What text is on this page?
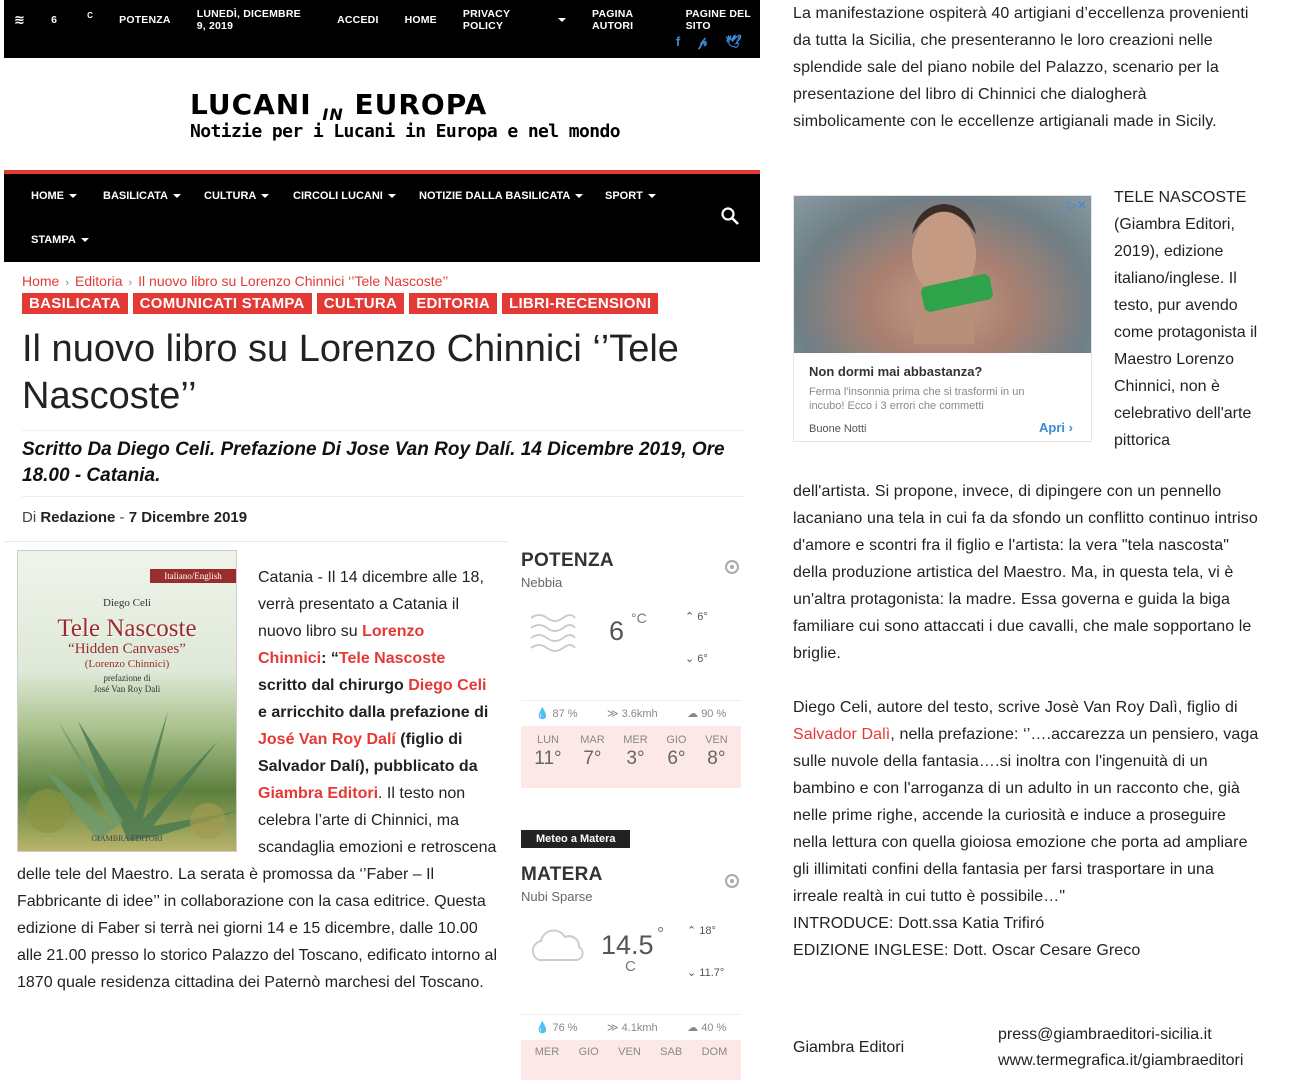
≋ 6	C POTENZA LUNEDÌ, DICEMBRE 9, 2019	ACCEDI HOME PRIVACY POLICY
PAGINA AUTORI
PAGINE DEL SITO
f 𝓅 🕊
LUCANI $_{IN}$ EUROPA
Notizie per i Lucani in Europa e nel mondo
HOME	BASILICATA	CULTURA	CIRCOLI LUCANI	NOTIZIE DALLA BASILICATA	SPORT
STAMPA
Home › Editoria › Il nuovo libro su Lorenzo Chinnici ‘’Tele Nascoste’’
BASILICATA	COMUNICATI STAMPA	CULTURA	EDITORIA	LIBRI-RECENSIONI
Il nuovo libro su Lorenzo Chinnici ‘’Tele Nascoste’’
Scritto Da Diego Celi. Prefazione Di Jose Van Roy Dalí. 14 Dicembre 2019, Ore 18.00 - Catania.
Di Redazione - 7 Dicembre 2019
Italiano/English
Diego Celi
Tele Nascoste
“Hidden Canvases”
(Lorenzo Chinnici)
prefazione di
José Van Roy Dalì
GIAMBRA EDITORI
Catania - Il 14 dicembre alle 18, verrà presentato a Catania il nuovo libro su Lorenzo Chinnici: “Tele Nascoste scritto dal chirurgo Diego Celi e arricchito dalla prefazione di José Van Roy Dalí (figlio di Salvador Dalí), pubblicato da Giambra Editori. Il testo non celebra l’arte di Chinnici, ma scandaglia emozioni e retroscena delle tele del Maestro. La serata è promossa da ‘’Faber – Il Fabbricante di idee’’ in collaborazione con la casa editrice. Questa edizione di Faber si terrà nei giorni 14 e 15 dicembre, dalle 10.00 alle 21.00 presso lo storico Palazzo del Toscano, edificato intorno al 1870 quale residenza cittadina dei Paternò marchesi del Toscano.
POTENZA
Nebbia
6 °C	⌃ 6°
⌄ 6°
💧 87 %	≫ 3.6kmh	☁ 90 %
LUN
11°
MAR
7°
MER
3°
GIO
6°
VEN
8°
Meteo a Matera
MATERA
Nubi Sparse
14.5 °
C
⌃ 18°
⌄ 11.7°
💧 76 %	≫ 4.1kmh	☁ 40 %
MER GIO VEN SAB DOM

La manifestazione ospiterà 40 artigiani d’eccellenza provenienti da tutta la Sicilia, che presenteranno le loro creazioni nelle splendide sale del piano nobile del Palazzo, scenario per la presentazione del libro di Chinnici che dialogherà simbolicamente con le eccellenze artigianali made in Sicily.

▷✕
Non dormi mai abbastanza?
Ferma l'insonnia prima che si trasformi in un incubo! Ecco i 3 errori che commetti
Buone Notti	Apri ›
TELE NASCOSTE (Giambra Editori, 2019), edizione italiano/inglese. Il testo, pur avendo come protagonista il Maestro Lorenzo Chinnici, non è celebrativo dell'arte pittorica

dell'artista. Si propone, invece, di dipingere con un pennello lacaniano una tela in cui fa da sfondo un conflitto continuo intriso d'amore e scontri fra il figlio e l'artista: la vera "tela nascosta" della produzione artistica del Maestro. Ma, in questa tela, vi è un'altra protagonista: la madre. Essa governa e guida la biga familiare cui sono attaccati i due cavalli, che male sopportano le briglie.

Diego Celi, autore del testo, scrive Josè Van Roy Dalì, figlio di Salvador Dalì, nella prefazione: ‘’….accarezza un pensiero, vaga sulle nuvole della fantasia….si inoltra con l'ingenuità di un bambino e con l'arroganza di un adulto in un racconto che, già nelle prime righe, accende la curiosità e induce a proseguire nella lettura con quella gioiosa emozione che porta ad ampliare gli illimitati confini della fantasia per farsi trasportare in una irreale realtà in cui tutto è possibile…"

INTRODUCE: Dott.ssa Katia Trifiró

EDIZIONE INGLESE: Dott. Oscar Cesare Greco

Giambra Editori
press@giambraeditori-sicilia.it
www.termegrafica.it/giambraeditori
